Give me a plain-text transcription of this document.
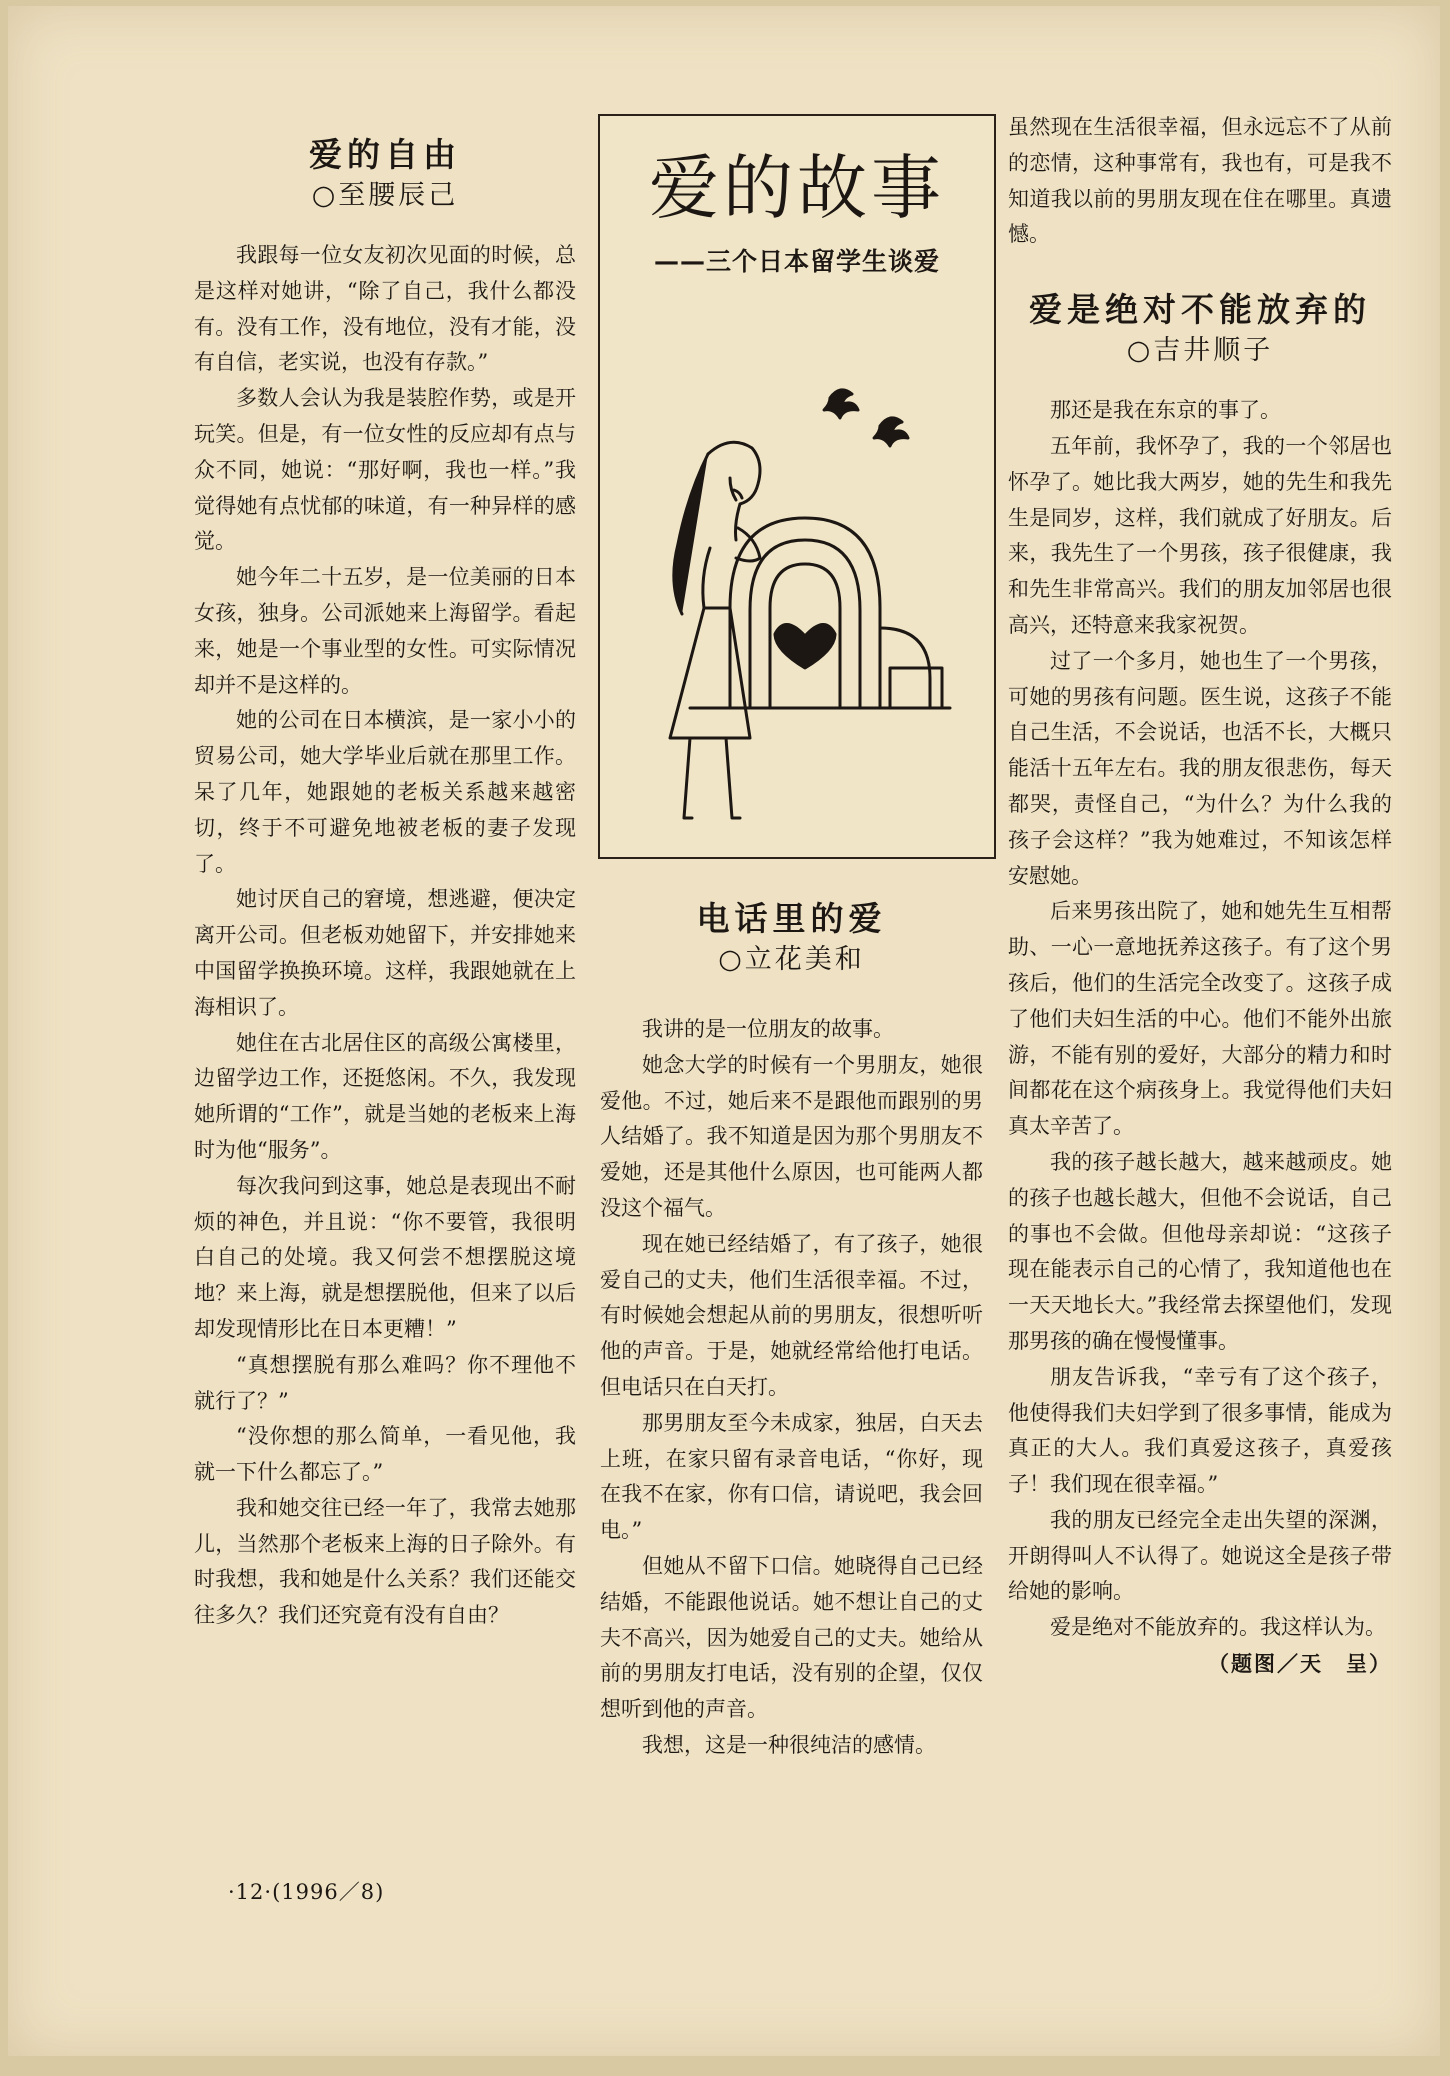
爱的自由
○至腰辰己

我跟每一位女友初次见面的时候，总是这样对她讲，“除了自己，我什么都没有。没有工作，没有地位，没有才能，没有自信，老实说，也没有存款。”

多数人会认为我是装腔作势，或是开玩笑。但是，有一位女性的反应却有点与众不同，她说：“那好啊，我也一样。”我觉得她有点忧郁的味道，有一种异样的感觉。

她今年二十五岁，是一位美丽的日本女孩，独身。公司派她来上海留学。看起来，她是一个事业型的女性。可实际情况却并不是这样的。

她的公司在日本横滨，是一家小小的贸易公司，她大学毕业后就在那里工作。呆了几年，她跟她的老板关系越来越密切，终于不可避免地被老板的妻子发现了。

她讨厌自己的窘境，想逃避，便决定离开公司。但老板劝她留下，并安排她来中国留学换换环境。这样，我跟她就在上海相识了。

她住在古北居住区的高级公寓楼里，边留学边工作，还挺悠闲。不久，我发现她所谓的“工作”，就是当她的老板来上海时为他“服务”。

每次我问到这事，她总是表现出不耐烦的神色，并且说：“你不要管，我很明白自己的处境。我又何尝不想摆脱这境地？来上海，就是想摆脱他，但来了以后却发现情形比在日本更糟！”

“真想摆脱有那么难吗？你不理他不就行了？”

“没你想的那么简单，一看见他，我就一下什么都忘了。”

我和她交往已经一年了，我常去她那儿，当然那个老板来上海的日子除外。有时我想，我和她是什么关系？我们还能交往多久？我们还究竟有没有自由？

爱的故事
——三个日本留学生谈爱
电话里的爱
○立花美和

我讲的是一位朋友的故事。

她念大学的时候有一个男朋友，她很爱他。不过，她后来不是跟他而跟别的男人结婚了。我不知道是因为那个男朋友不爱她，还是其他什么原因，也可能两人都没这个福气。

现在她已经结婚了，有了孩子，她很爱自己的丈夫，他们生活很幸福。不过，有时候她会想起从前的男朋友，很想听听他的声音。于是，她就经常给他打电话。但电话只在白天打。

那男朋友至今未成家，独居，白天去上班，在家只留有录音电话，“你好，现在我不在家，你有口信，请说吧，我会回电。”

但她从不留下口信。她晓得自己已经结婚，不能跟他说话。她不想让自己的丈夫不高兴，因为她爱自己的丈夫。她给从前的男朋友打电话，没有别的企望，仅仅想听到他的声音。

我想，这是一种很纯洁的感情。

虽然现在生活很幸福，但永远忘不了从前的恋情，这种事常有，我也有，可是我不知道我以前的男朋友现在住在哪里。真遗憾。

爱是绝对不能放弃的
○吉井顺子

那还是我在东京的事了。

五年前，我怀孕了，我的一个邻居也怀孕了。她比我大两岁，她的先生和我先生是同岁，这样，我们就成了好朋友。后来，我先生了一个男孩，孩子很健康，我和先生非常高兴。我们的朋友加邻居也很高兴，还特意来我家祝贺。

过了一个多月，她也生了一个男孩，可她的男孩有问题。医生说，这孩子不能自己生活，不会说话，也活不长，大概只能活十五年左右。我的朋友很悲伤，每天都哭，责怪自己，“为什么？为什么我的孩子会这样？”我为她难过，不知该怎样安慰她。

后来男孩出院了，她和她先生互相帮助、一心一意地抚养这孩子。有了这个男孩后，他们的生活完全改变了。这孩子成了他们夫妇生活的中心。他们不能外出旅游，不能有别的爱好，大部分的精力和时间都花在这个病孩身上。我觉得他们夫妇真太辛苦了。

我的孩子越长越大，越来越顽皮。她的孩子也越长越大，但他不会说话，自己的事也不会做。但他母亲却说：“这孩子现在能表示自己的心情了，我知道他也在一天天地长大。”我经常去探望他们，发现那男孩的确在慢慢懂事。

朋友告诉我，“幸亏有了这个孩子，他使得我们夫妇学到了很多事情，能成为真正的大人。我们真爱这孩子，真爱孩子！我们现在很幸福。”

我的朋友已经完全走出失望的深渊，开朗得叫人不认得了。她说这全是孩子带给她的影响。

爱是绝对不能放弃的。我这样认为。
（题图／天　呈）

·12·(1996／8)
